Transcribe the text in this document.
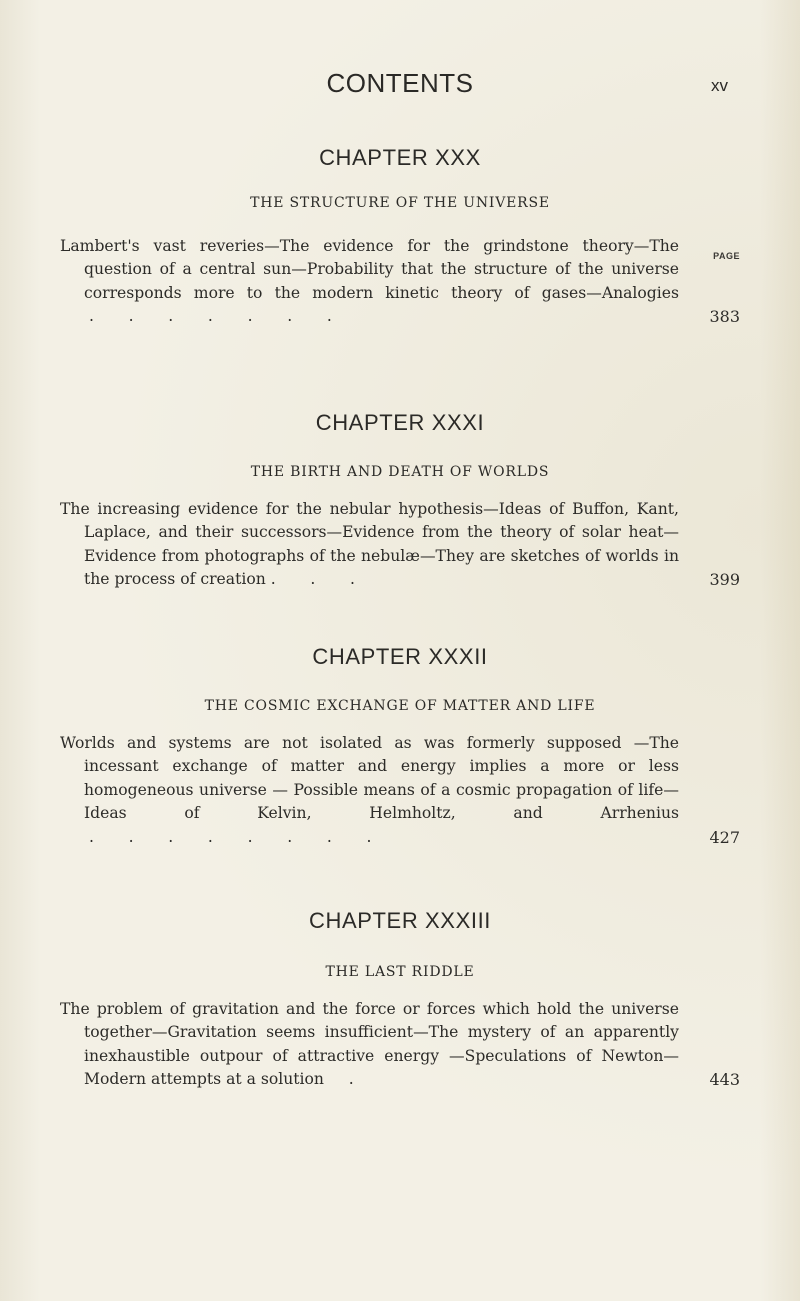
CONTENTS	xv
CHAPTER XXX
THE STRUCTURE OF THE UNIVERSE
PAGE
Lambert's vast reveries—The evidence for the grindstone theory—The question of a central sun—Probability that the structure of the universe corresponds more to the modern kinetic theory of gases—Analogies .       .       .       .       .       .       .	383
CHAPTER XXXI
THE BIRTH AND DEATH OF WORLDS
The increasing evidence for the nebular hypothesis—Ideas of Buffon, Kant, Laplace, and their successors—Evidence from the theory of solar heat—Evidence from photographs of the nebulæ—They are sketches of worlds in the process of creation .       .       .	399
CHAPTER XXXII
THE COSMIC EXCHANGE OF MATTER AND LIFE
Worlds and systems are not isolated as was formerly supposed —The incessant exchange of matter and energy implies a more or less homogeneous universe — Possible means of a cosmic propagation of life—Ideas of Kelvin, Helmholtz, and Arrhenius .       .       .       .       .       .       .       .	427
CHAPTER XXXIII
THE LAST RIDDLE
The problem of gravitation and the force or forces which hold the universe together—Gravitation seems insufficient—The mystery of an apparently inexhaustible outpour of attractive energy —Speculations of Newton—Modern attempts at a solution     .	443
